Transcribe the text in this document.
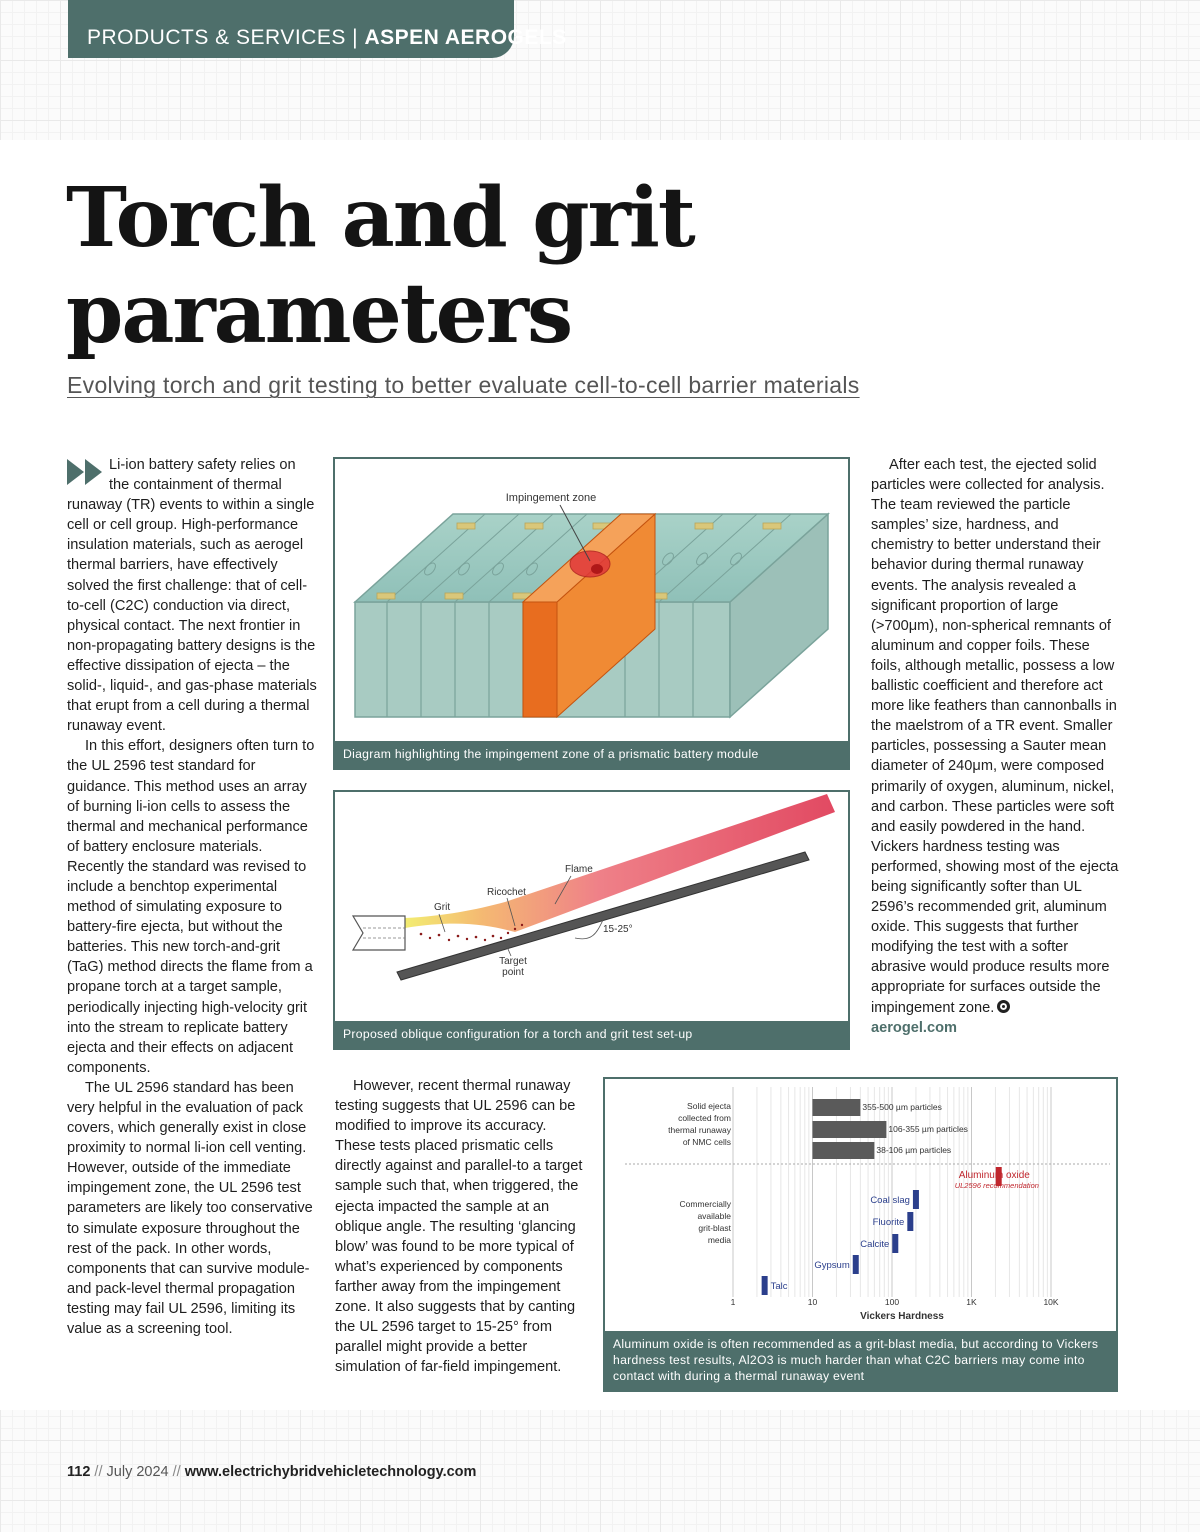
PRODUCTS & SERVICES | ASPEN AEROGELS
Torch and grit
parameters
Evolving torch and grit testing to better evaluate cell-to-cell barrier materials

Li-ion battery safety relies on the containment of thermal runaway (TR) events to within a single cell or cell group. High-performance insulation materials, such as aerogel thermal barriers, have effectively solved the first challenge: that of cell-to-cell (C2C) conduction via direct, physical contact. The next frontier in non-propagating battery designs is the effective dissipation of ejecta – the solid-, liquid-, and gas-phase materials that erupt from a cell during a thermal runaway event.

In this effort, designers often turn to the UL 2596 test standard for guidance. This method uses an array of burning li-ion cells to assess the thermal and mechanical performance of battery enclosure materials. Recently the standard was revised to include a benchtop experimental method of simulating exposure to battery-fire ejecta, but without the batteries. This new torch-and-grit (TaG) method directs the flame from a propane torch at a target sample, periodically injecting high-velocity grit into the stream to replicate battery ejecta and their effects on adjacent components.

The UL 2596 standard has been very helpful in the evaluation of pack covers, which generally exist in close proximity to normal li-ion cell venting. However, outside of the immediate impingement zone, the UL 2596 test parameters are likely too conservative to simulate exposure throughout the rest of the pack. In other words, components that can survive module- and pack-level thermal propagation testing may fail UL 2596, limiting its value as a screening tool.

However, recent thermal runaway testing suggests that UL 2596 can be modified to improve its accuracy. These tests placed prismatic cells directly against and parallel-to a target sample such that, when triggered, the ejecta impacted the sample at an oblique angle. The resulting ‘glancing blow’ was found to be more typical of what’s experienced by components farther away from the impingement zone. It also suggests that by canting the UL 2596 target to 15-25° from parallel might provide a better simulation of far-field impingement.

After each test, the ejected solid particles were collected for analysis. The team reviewed the particle samples’ size, hardness, and chemistry to better understand their behavior during thermal runaway events. The analysis revealed a significant proportion of large (>700μm), non-spherical remnants of aluminum and copper foils. These foils, although metallic, possess a low ballistic coefficient and therefore act more like feathers than cannonballs in the maelstrom of a TR event. Smaller particles, possessing a Sauter mean diameter of 240μm, were composed primarily of oxygen, aluminum, nickel, and carbon. These particles were soft and easily powdered in the hand. Vickers hardness testing was performed, showing most of the ejecta being significantly softer than UL 2596’s recommended grit, aluminum oxide. This suggests that further modifying the test with a softer abrasive would produce results more appropriate for surfaces outside the impingement zone.

aerogel.com

Impingement zone
Diagram highlighting the impingement zone of a prismatic battery module
Grit
Ricochet
Flame
15-25°
Target
point
Proposed oblique configuration for a torch and grit test set-up
1	10	100	1K	10K
Vickers Hardness
Solid ejecta
collected from
thermal runaway
of NMC cells
Commercially
available
grit-blast
media
355-500 µm particles
106-355 µm particles
38-106 µm particles
Aluminum oxide
UL2596 recommendation
Coal slag
Fluorite
Calcite
Gypsum
Talc
Aluminum oxide is often recommended as a grit-blast media, but according to Vickers hardness test results, Al2O3 is much harder than what C2C barriers may come into contact with during a thermal runaway event
112 // July 2024 // www.electrichybridvehicletechnology.com
